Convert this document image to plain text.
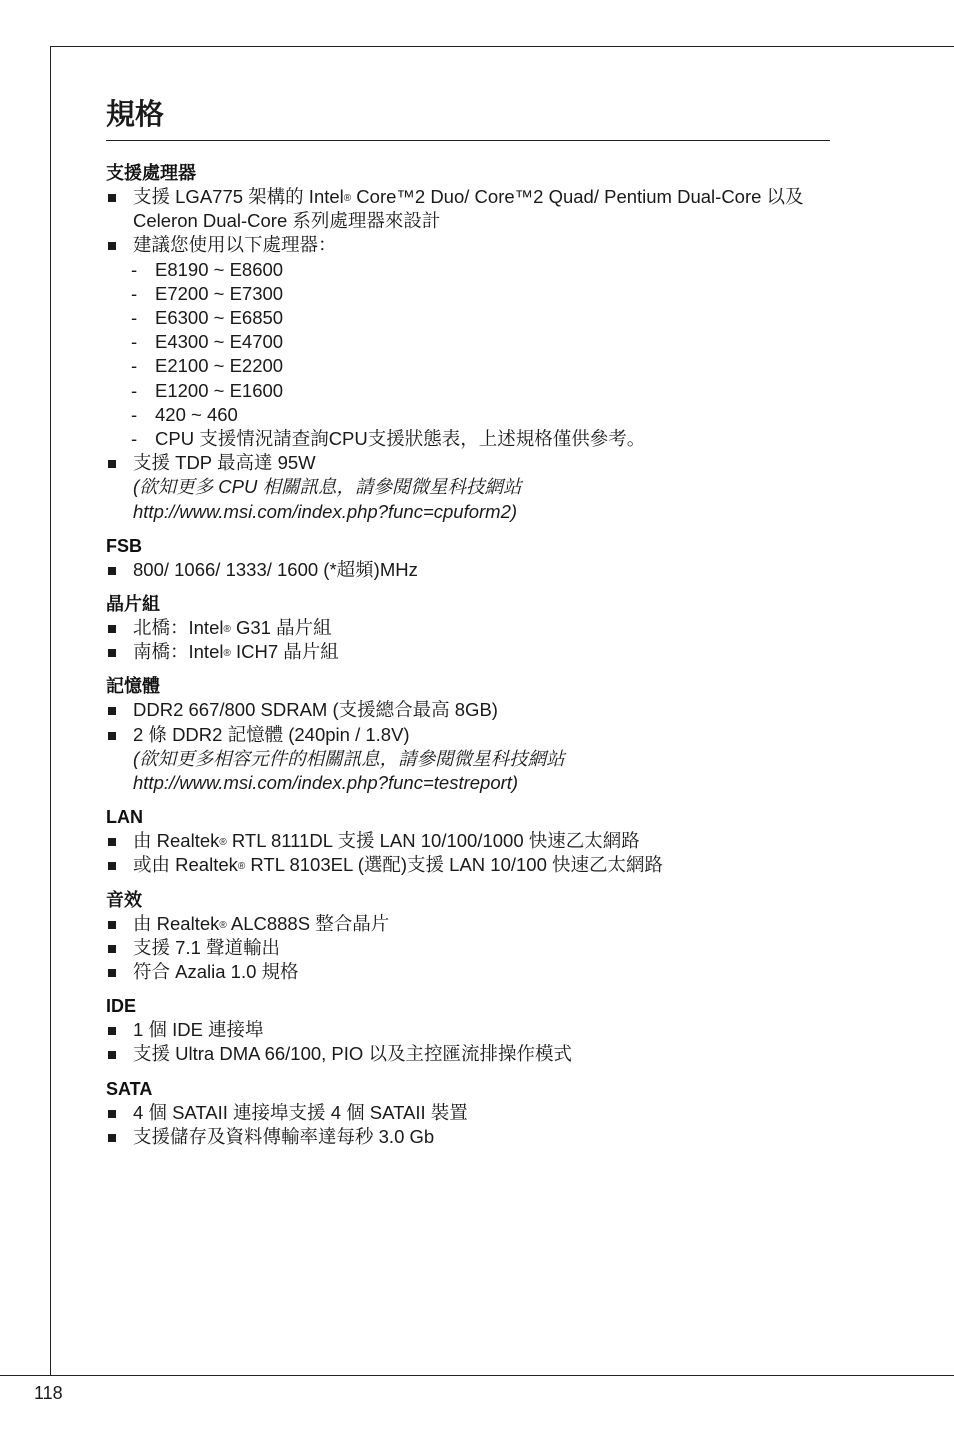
規格
支援處理器
支援 LGA775 架構的 Intel® Core™2 Duo/ Core™2 Quad/ Pentium Dual-Core 以及 Celeron Dual-Core 系列處理器來設計
建議您使用以下處理器：
- E8190 ~ E8600
- E7200 ~ E7300
- E6300 ~ E6850
- E4300 ~ E4700
- E2100 ~ E2200
- E1200 ~ E1600
- 420 ~ 460
- CPU 支援情況請查詢CPU支援狀態表，上述規格僅供參考。
支援 TDP 最高達 95W
(欲知更多 CPU 相關訊息，請參閱微星科技網站
http://www.msi.com/index.php?func=cpuform2)
FSB
800/ 1066/ 1333/ 1600 (*超頻)MHz
晶片組
北橋：Intel® G31 晶片組
南橋：Intel® ICH7 晶片組
記憶體
DDR2 667/800 SDRAM (支援總合最高 8GB)
2 條 DDR2 記憶體 (240pin / 1.8V)
(欲知更多相容元件的相關訊息，請參閱微星科技網站
http://www.msi.com/index.php?func=testreport)
LAN
由 Realtek® RTL 8111DL 支援 LAN 10/100/1000 快速乙太網路
或由 Realtek® RTL 8103EL (選配)支援 LAN 10/100 快速乙太網路
音效
由 Realtek® ALC888S 整合晶片
支援 7.1 聲道輸出
符合 Azalia 1.0 規格
IDE
1 個 IDE 連接埠
支援 Ultra DMA 66/100, PIO 以及主控匯流排操作模式
SATA
4 個 SATAII 連接埠支援 4 個 SATAII 裝置
支援儲存及資料傳輸率達每秒 3.0 Gb
118
